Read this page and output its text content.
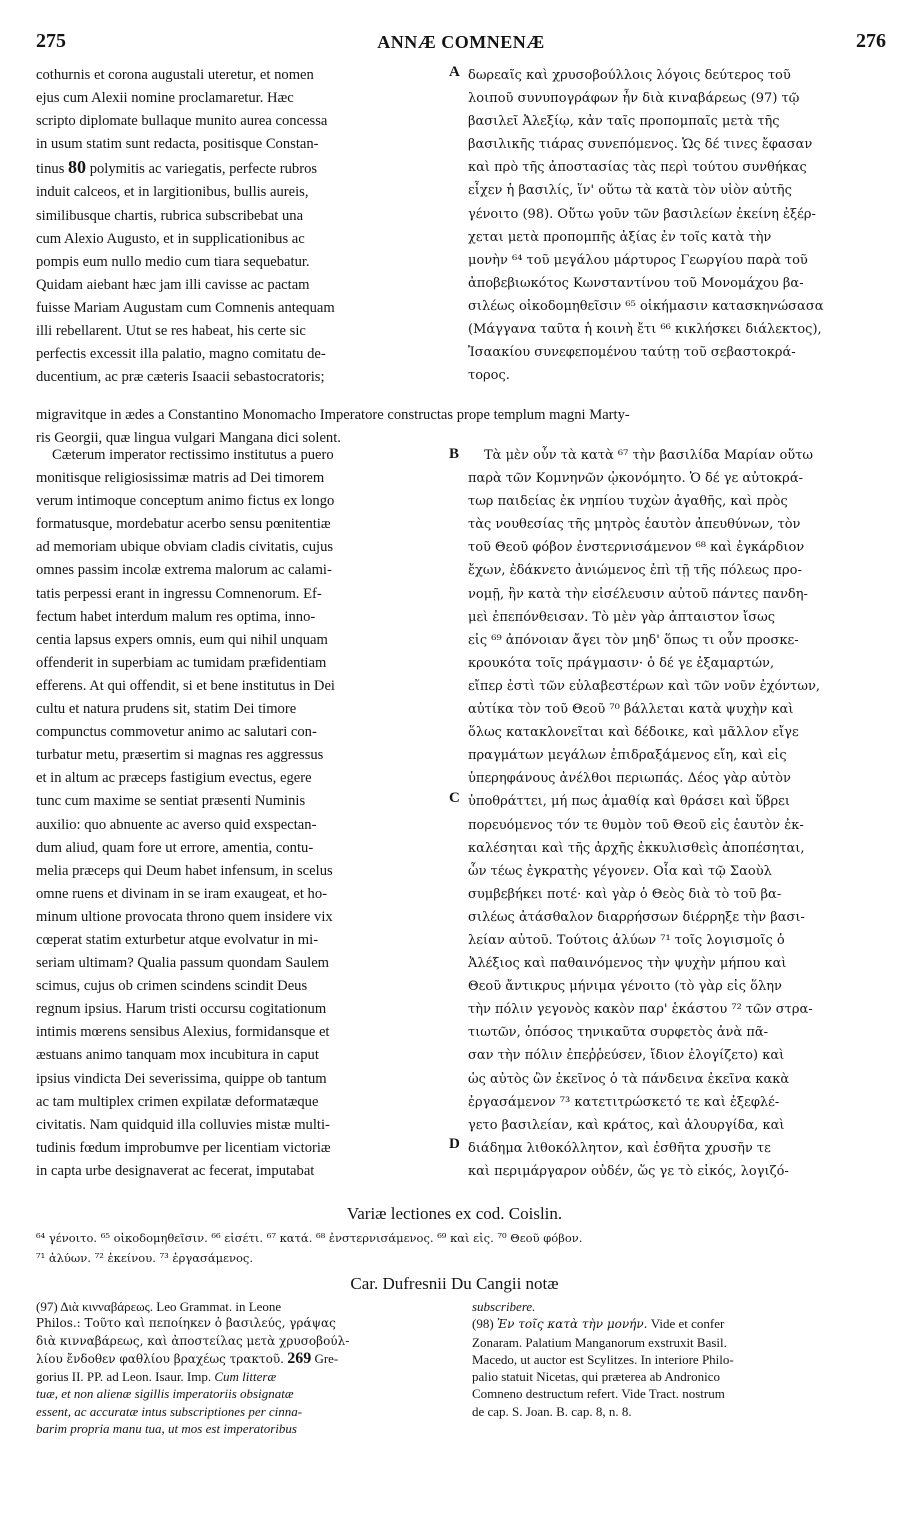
275	ANNÆ COMNENÆ	276

cothurnis et corona augustali uteretur, et nomen

ejus cum Alexii nomine proclamaretur. Hæc

scripto diplomate bullaque munito aurea concessa

in usum statim sunt redacta, positisque Constan-

tinus 80 polymitis ac variegatis, perfecte rubros

induit calceos, et in largitionibus, bullis aureis,

similibusque chartis, rubrica subscribebat una

cum Alexio Augusto, et in supplicationibus ac

pompis eum nullo medio cum tiara sequebatur.

Quidam aiebant hæc jam illi cavisse ac pactam

fuisse Mariam Augustam cum Comnenis antequam

illi rebellarent. Utut se res habeat, his certe sic

perfectis excessit illa palatio, magno comitatu de-

ducentium, ac præ cæteris Isaacii sebastocratoris;

A δωρεαῖς καὶ χρυσοβούλλοις λόγοις δεύτερος τοῦ

λοιποῦ συνυπογράφων ἦν διὰ κιναβάρεως (97) τῷ

βασιλεῖ Ἀλεξίῳ, κἀν ταῖς προπομπαῖς μετὰ τῆς

βασιλικῆς τιάρας συνεπόμενος. Ὡς δέ τινες ἔφασαν

καὶ πρὸ τῆς ἀποστασίας τὰς περὶ τούτου συνθήκας

εἶχεν ἡ βασιλίς, ἵν' οὕτω τὰ κατὰ τὸν υἱὸν αὐτῆς

γένοιτο (98). Οὕτω γοῦν τῶν βασιλείων ἐκείνη ἐξέρ-

χεται μετὰ προπομπῆς ἀξίας ἐν τοῖς κατὰ τὴν

μονὴν ⁶⁴ τοῦ μεγάλου μάρτυρος Γεωργίου παρὰ τοῦ

ἀποβεβιωκότος Κωνσταντίνου τοῦ Μονομάχου βα-

σιλέως οἰκοδομηθεῖσιν ⁶⁵ οἰκήμασιν κατασκηνώσασα

(Μάγγανα ταῦτα ἡ κοινὴ ἔτι ⁶⁶ κικλήσκει διάλεκτος),

Ἰσαακίου συνεφεπομένου ταύτῃ τοῦ σεβαστοκρά-

τορος.

migravitque in ædes a Constantino Monomacho Imperatore constructas prope templum magni Marty-
ris Georgii, quæ lingua vulgari Mangana dici solent.

Cæterum imperator rectissimo institutus a puero

monitisque religiosissimæ matris ad Dei timorem

verum intimoque conceptum animo fictus ex longo

formatusque, mordebatur acerbo sensu pœnitentiæ

ad memoriam ubique obviam cladis civitatis, cujus

omnes passim incolæ extrema malorum ac calami-

tatis perpessi erant in ingressu Comnenorum. Ef-

fectum habet interdum malum res optima, inno-

centia lapsus expers omnis, eum qui nihil unquam

offenderit in superbiam ac tumidam præfidentiam

efferens. At qui offendit, si et bene institutus in Dei

cultu et natura prudens sit, statim Dei timore

compunctus commovetur animo ac salutari con-

turbatur metu, præsertim si magnas res aggressus

et in altum ac præceps fastigium evectus, egere

tunc cum maxime se sentiat præsenti Numinis

auxilio: quo abnuente ac averso quid exspectan-

dum aliud, quam fore ut errore, amentia, contu-

melia præceps qui Deum habet infensum, in scelus

omne ruens et divinam in se iram exaugeat, et ho-

minum ultione provocata throno quem insidere vix

cœperat statim exturbetur atque evolvatur in mi-

seriam ultimam? Qualia passum quondam Saulem

scimus, cujus ob crimen scindens scindit Deus

regnum ipsius. Harum tristi occursu cogitationum

intimis mœrens sensibus Alexius, formidansque et

æstuans animo tanquam mox incubitura in caput

ipsius vindicta Dei severissima, quippe ob tantum

ac tam multiplex crimen expilatæ deformatæque

civitatis. Nam quidquid illa colluvies mistæ multi-

tudinis fœdum improbumve per licentiam victoriæ

in capta urbe designaverat ac fecerat, imputabat

B
C
D

Τὰ μὲν οὖν τὰ κατὰ ⁶⁷ τὴν βασιλίδα Μαρίαν οὕτω

παρὰ τῶν Κομνηνῶν ᾠκονόμητο. Ὁ δέ γε αὐτοκρά-

τωρ παιδείας ἐκ νηπίου τυχὼν ἀγαθῆς, καὶ πρὸς

τὰς νουθεσίας τῆς μητρὸς ἑαυτὸν ἀπευθύνων, τὸν

τοῦ Θεοῦ φόβον ἐνστερνισάμενον ⁶⁸ καὶ ἐγκάρδιον

ἔχων, ἐδάκνετο ἀνιώμενος ἐπὶ τῇ τῆς πόλεως προ-

νομῇ, ἣν κατὰ τὴν εἰσέλευσιν αὐτοῦ πάντες πανδη-

μεὶ ἐπεπόνθεισαν. Τὸ μὲν γὰρ ἀπταιστον ἴσως

εἰς ⁶⁹ ἀπόνοιαν ἄγει τὸν μηδ' ὅπως τι οὖν προσκε-

κρουκότα τοῖς πράγμασιν· ὁ δέ γε ἐξαμαρτών,

εἴπερ ἐστὶ τῶν εὐλαβεστέρων καὶ τῶν νοῦν ἐχόντων,

αὐτίκα τὸν τοῦ Θεοῦ ⁷⁰ βάλλεται κατὰ ψυχὴν καὶ

ὅλως κατακλονεῖται καὶ δέδοικε, καὶ μᾶλλον εἴγε

πραγμάτων μεγάλων ἐπιδραξάμενος εἴη, καὶ εἰς

ὑπερηφάνους ἀνέλθοι περιωπάς. Δέος γὰρ αὐτὸν

ὑποθράττει, μή πως ἀμαθίᾳ καὶ θράσει καὶ ὕβρει

πορευόμενος τόν τε θυμὸν τοῦ Θεοῦ εἰς ἑαυτὸν ἐκ-

καλέσηται καὶ τῆς ἀρχῆς ἐκκυλισθεὶς ἀποπέσηται,

ὧν τέως ἐγκρατὴς γέγονεν. Οἷα καὶ τῷ Σαοὺλ

συμβεβήκει ποτέ· καὶ γὰρ ὁ Θεὸς διὰ τὸ τοῦ βα-

σιλέως ἀτάσθαλον διαρρήσσων διέρρηξε τὴν βασι-

λείαν αὐτοῦ. Τούτοις ἁλύων ⁷¹ τοῖς λογισμοῖς ὁ

Ἀλέξιος καὶ παθαινόμενος τὴν ψυχὴν μήπου καὶ

Θεοῦ ἄντικρυς μήνιμα γένοιτο (τὸ γὰρ εἰς ὅλην

τὴν πόλιν γεγονὸς κακὸν παρ' ἑκάστου ⁷² τῶν στρα-

τιωτῶν, ὁπόσος τηνικαῦτα συρφετὸς ἀνὰ πᾶ-

σαν τὴν πόλιν ἐπεῤῥεύσεν, ἴδιον ἐλογίζετο) καὶ

ὡς αὐτὸς ὢν ἐκεῖνος ὁ τὰ πάνδεινα ἐκεῖνα κακὰ

ἐργασάμενον ⁷³ κατετιτρώσκετό τε καὶ ἐξεφλέ-

γετο βασιλείαν, καὶ κράτος, καὶ ἁλουργίδα, καὶ

διάδημα λιθοκόλλητον, καὶ ἐσθῆτα χρυσῆν τε

καὶ περιμάργαρον οὐδέν, ὥς γε τὸ εἰκός, λογιζό-

Variæ lectiones ex cod. Coislin.
⁶⁴ γένοιτο. ⁶⁵ οἰκοδομηθεῖσιν. ⁶⁶ εἰσέτι. ⁶⁷ κατά. ⁶⁸ ἐνστερνισάμενος. ⁶⁹ καὶ εἰς. ⁷⁰ Θεοῦ φόβον.
⁷¹ ἀλύων. ⁷² ἐκείνου. ⁷³ ἐργασάμενος.
Car. Dufresnii Du Cangii notæ

(97) Διὰ κινναβάρεως. Leo Grammat. in Leone

Philos.: Τοῦτο καὶ πεποίηκεν ὁ βασιλεύς, γράψας

διὰ κινναβάρεως, καὶ ἀποστείλας μετὰ χρυσοβούλ-

λίου ἔνδοθεν φαθλίου βραχέως τρακτοῦ. 269 Gre-

gorius II. PP. ad Leon. Isaur. Imp. Cum litteræ

tuæ, et non alienæ sigillis imperatoriis obsignatæ

essent, ac accuratæ intus subscriptiones per cinna-

barim propria manu tua, ut mos est imperatoribus

subscribere.

(98) Ἐν τοῖς κατὰ τὴν μονήν. Vide et confer

Zonaram. Palatium Manganorum exstruxit Basil.

Macedo, ut auctor est Scylitzes. In interiore Philo-

palio statuit Nicetas, qui præterea ab Andronico

Comneno destructum refert. Vide Tract. nostrum

de cap. S. Joan. B. cap. 8, n. 8.
